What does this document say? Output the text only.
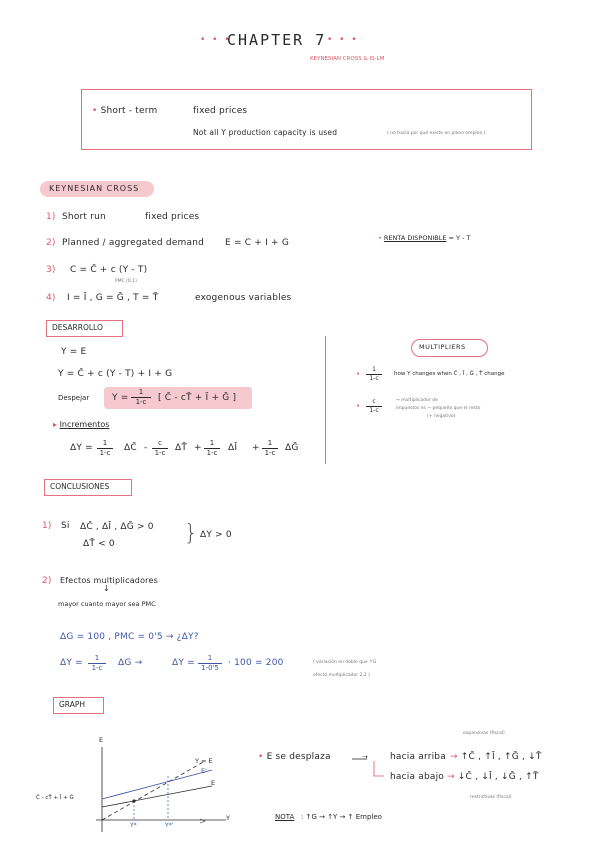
• • •
CHAPTER 7 • • •
KEYNESIAN CROSS & IS-LM
• Short - term	fixed prices
Not all Y production capacity is used	( no hacia por qué existe en pleno empleo )
KEYNESIAN CROSS
1) Short run	fixed prices
2) Planned / aggregated demand E = C + I + G
3) C = C̄ + c (Y - T)
PMC (0,1)
4) I = Ī , G = Ḡ , T = T̄	exogenous variables
• RENTA DISPONIBLE = Y - T
DESARROLLO
Y = E
Y = C̄ + c (Y - T) + I + G
Despejar	$Y = \frac{1}{1-c}$ [ C̄ - cT̄ + Ī + Ḡ ]
▸ Incrementos
$\Delta Y = \frac{1}{1-c}$ ΔC̄ - $\frac{c}{1-c}$ ΔT̄ + $\frac{1}{1-c}$ ΔĪ + $\frac{1}{1-c}$ ΔḠ
MULTIPLIERS
• $\frac{1}{1-c}$ how Y changes when C̄ , Ī , Ḡ , T̄ change
• $\frac{c}{1-c}$	→ multiplicador de
impuestos es ~ pequeño que el resto
(+ negativo)
CONCLUSIONES
1) Si ΔC̄ , ΔĪ , ΔḠ > 0
ΔT̄ < 0	} ΔY > 0
2) Efectos multiplicadores
↓
mayor cuanto mayor sea PMC
ΔG = 100 , PMC = 0'5 → ¿ΔY?
$\Delta Y = \frac{1}{1-c}$ ΔG →	$\Delta Y = \frac{1}{1-0'5} \cdot 100 = 200$	( variación en doble que ↑G
efecto multiplicador 2,2 )
GRAPH
E
Y
Y = E
E'
E
C̄ - cT̄ + Ī + Ḡ
Y*	Y*'
• E se desplaza	➝ hacia arriba → ↑C̄ , ↑Ī , ↑Ḡ , ↓T̄
expansivas (fiscal)
hacia abajo → ↓C̄ , ↓Ī , ↓Ḡ , ↑T̄
restrictivas (fiscal)
NOTA : ↑G → ↑Y → ↑ Empleo
